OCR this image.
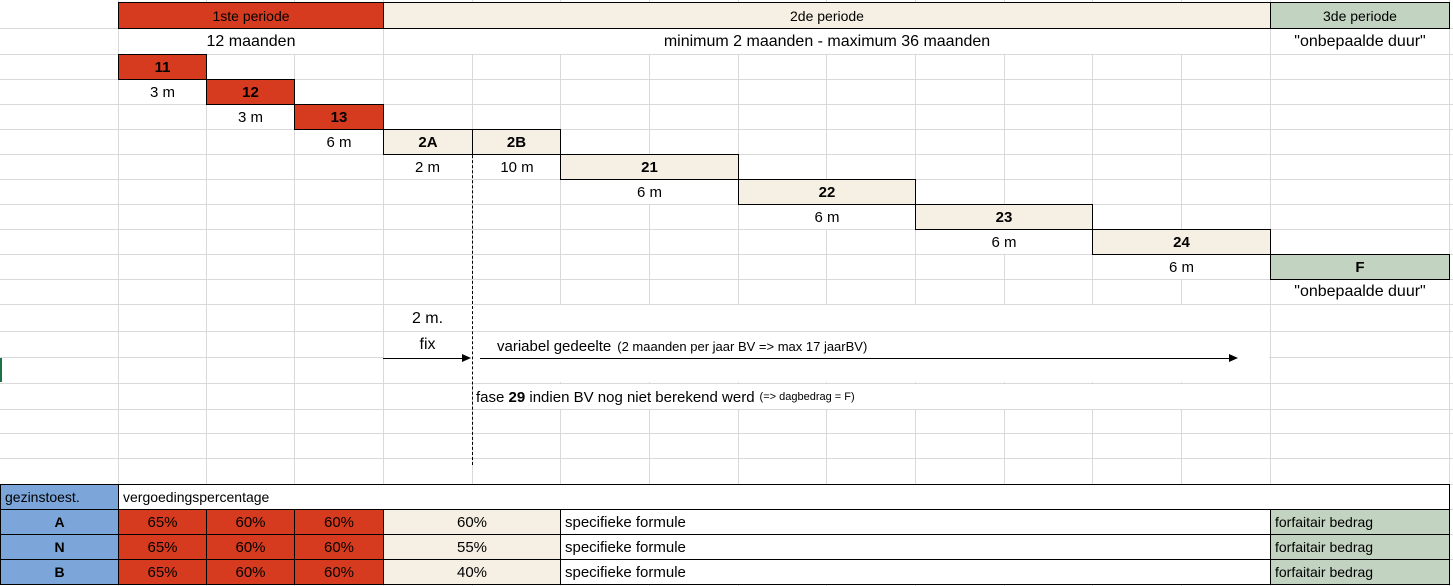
1ste periode	2de periode	3de periode
12 maanden	minimum 2 maanden - maximum 36 maanden	"onbepaalde duur"
11
3 m	12
3 m	13
6 m	2A	2B
2 m	10 m	21
6 m	22
6 m	23
6 m	24
6 m	F
"onbepaalde duur"
2 m.
fix	variabel gedeelte (2 maanden per jaar BV => max 17 jaarBV)
fase 29 indien BV nog niet berekend werd (=> dagbedrag = F)
gezinstoest.	vergoedingspercentage
A	65%	60%	60%	60%	specifieke formule	forfaitair bedrag
N	65%	60%	60%	55%	specifieke formule	forfaitair bedrag
B	65%	60%	60%	40%	specifieke formule	forfaitair bedrag
